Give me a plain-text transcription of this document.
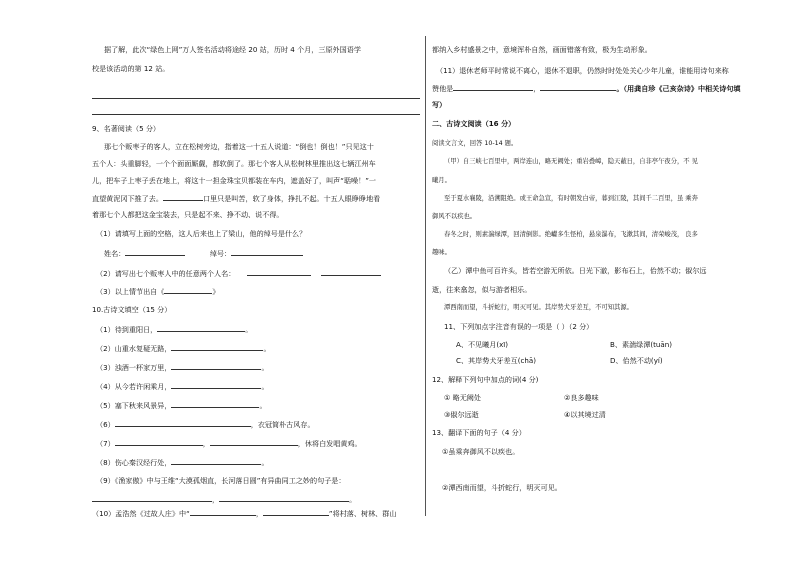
据了解，此次“绿色上网”万人签名活动将途经 20 站，历时 4 个月，三原外国语学
校是该活动的第 12 站。
9、名著阅读（5 分）
那七个贩枣子的客人，立在松树旁边，指着这一十五人说道：“倒也！倒也！”只见这十
五个人：头重脚轻，一个个面面厮觑，都软倒了。那七个客人从松树林里推出这七辆江州车
儿，把车子上枣子丢在地上，将这十一担金珠宝贝都装在车内，遮盖好了，叫声“聒噪！”一
直望黄泥冈下推了去。	口里只是叫苦，软了身体，挣扎不起。十五人眼睁睁地看
着那七个人都把这金宝装去，只是起不来、挣不动、说不得。
（1）请填写上面的空格，这人后来也上了梁山，他的绰号是什么？
姓名：	绰号：
（2）请写出七个贩枣人中的任意两个人名：
（3）以上情节出自《	》
10.古诗文填空（15 分）
（1）待到重阳日，	。
（2）山重水复疑无路，	。
（3）浊酒一杯家万里，	。
（4）从今若许闲乘月，	。
（5）塞下秋来风景异，	。
（6）	，衣冠简朴古风存。
（7）	，	，休将白发唱黄鸡。
（8）伤心秦汉经行处，	。
（9）《渔家傲》中与王维“大漠孤烟直，长河落日圆”有异曲同工之妙的句子是：
，	。
（10）孟浩然《过故人庄》中“	，	”将村落、树林、群山
都纳入乡村盛景之中，意境浑朴自然，画面错落有致，极为生动形象。
（11）退休老师平时常说不离心，退休不退职，仍然时时处处关心少年儿童，谁能用诗句来称
赞他是	，	。（用龚自珍《己亥杂诗》中相关诗句填
写）
二、古诗文阅读（16 分）
阅读文言文，回答 10-14 题。
（甲）自三峡七百里中，两岸连山，略无阙处；重岩叠嶂，隐天蔽日，自非亭午夜分，不 见
曦月。
至于夏水襄陵，沿溯阻绝。或王命急宣，有时朝发白帝，暮到江陵，其间千二百里，虽 乘奔
御风不以疾也。
春冬之时，则素湍绿潭，回清倒影。绝巘多生怪柏，悬泉瀑布，飞漱其间，清荣峻茂， 良多
趣味。
（乙）潭中鱼可百许头，皆若空游无所依。日光下澈，影布石上，佁然不动；俶尔远
逝，往来翕忽，似与游者相乐。
潭西南而望，斗折蛇行，明灭可见。其岸势犬牙差互，不可知其源。
11、下列加点字注音有误的一项是（ ）（2 分）
A、不见曦月(xī)	B、素湍绿潭(tuān)
C、其岸势犬牙差互(chā)	D、佁然不动(yí)
12、解释下列句中加点的词(4 分)
① 略无阙处	②良多趣味
③俶尔远逝	④以其境过清
13、翻译下面的句子（4 分）
①虽乘奔御风不以疾也。
②潭西南而望，斗折蛇行，明灭可见。
